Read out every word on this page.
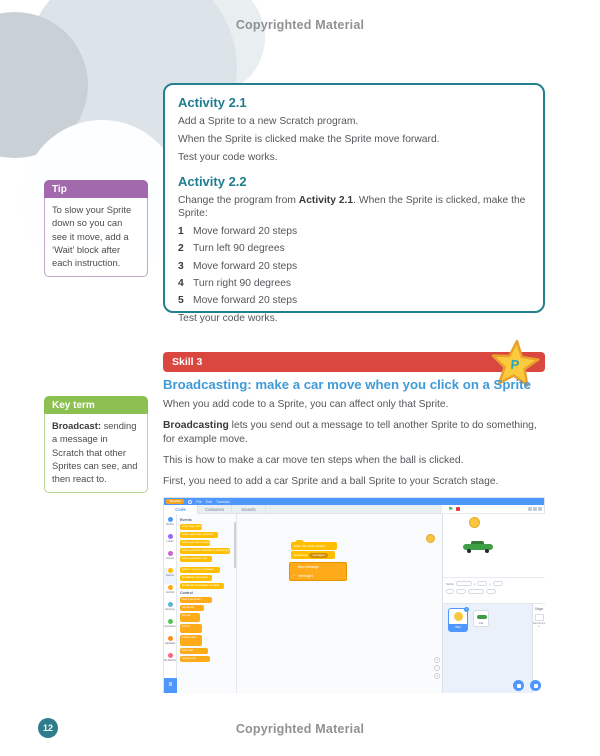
Copyrighted Material
Tip
To slow your Sprite down so you can see it move, add a ‘Wait’ block after each instruction.
Key term
Broadcast: sending a message in Scratch that other Sprites can see, and then react to.
Activity 2.1

Add a Sprite to a new Scratch program.

When the Sprite is clicked make the Sprite move forward.

Test your code works.

Activity 2.2

Change the program from Activity 2.1. When the Sprite is clicked, make the Sprite:

1 Move forward 20 steps
2 Turn left 90 degrees
3 Move forward 20 steps
4 Turn right 90 degrees
5 Move forward 20 steps

Test your code works.

Skill 3	P
Broadcasting: make a car move when you click on a Sprite

When you add code to a Sprite, you can affect only that Sprite.

Broadcasting lets you send out a message to tell another Sprite to do something, for example move.

This is how to make a car move ten steps when the ball is clicked.

First, you need to add a car Sprite and a ball Sprite to your Scratch stage.

Scratch	File Edit Tutorials
Code	Costumes	Sounds	⚑
Motion
Looks
Sound
Events
Control
Sensing
Operators
Variables
My Blocks
≣
Events
when flag clicked
when space key pressed
when this sprite clicked
when backdrop switches to backdrop1
when loudness > 10
when I receive message1
broadcast message1
broadcast message1 and wait
Control
wait 1 seconds
repeat 10
forever
if then
if then else
wait until
repeat until
when this sprite clicked
broadcast	message1
New message
✓ message1
+
−
=
Sprite	x	y
×
Ball
Car
Stage
Backdrops
1
12	Copyrighted Material
